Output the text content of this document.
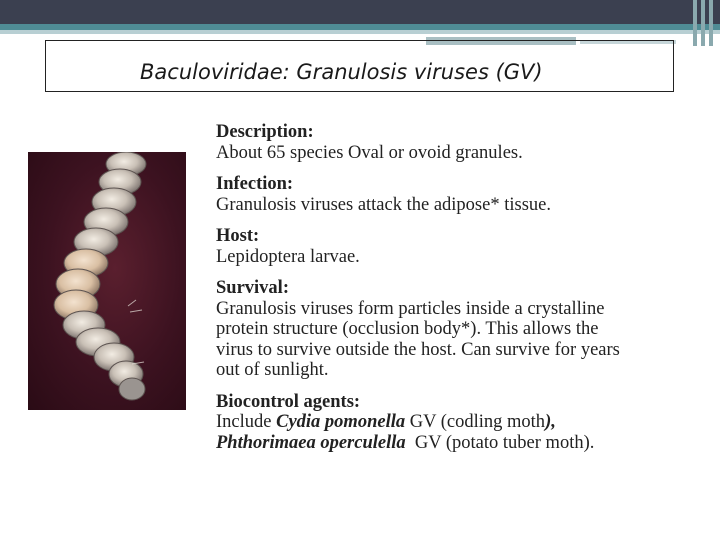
Baculoviridae: Granulosis viruses (GV)
Description:
About 65 species Oval or ovoid granules.
Infection:
Granulosis viruses attack the adipose* tissue.
Host:
Lepidoptera larvae.
Survival:
Granulosis viruses form particles inside a crystalline
protein structure (occlusion body*). This allows the
virus to survive outside the host. Can survive for years
out of sunlight.
Biocontrol agents:
Include Cydia pomonella GV (codling moth),
Phthorimaea operculella  GV (potato tuber moth).
